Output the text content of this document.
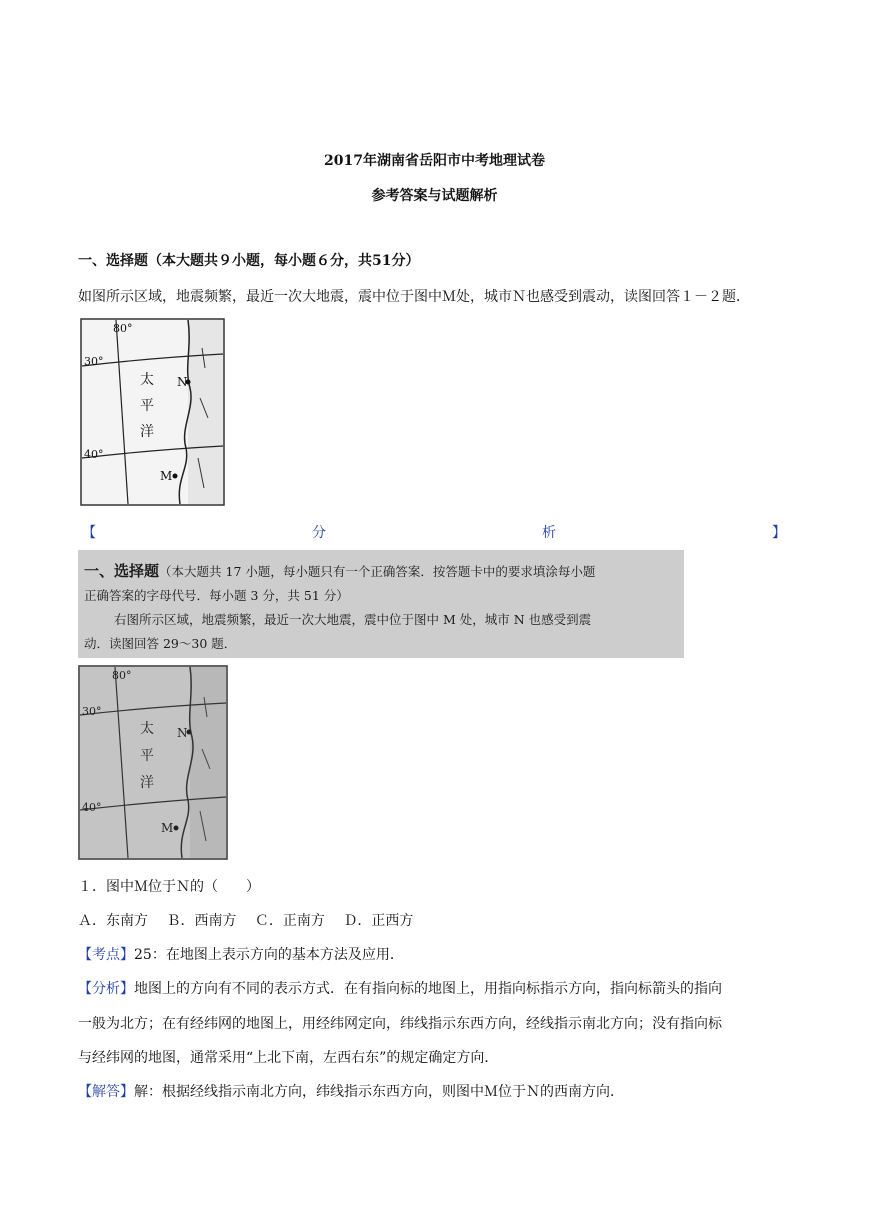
2017年湖南省岳阳市中考地理试卷
参考答案与试题解析
一、选择题（本大题共９小题，每小题６分，共51分）
如图所示区域，地震频繁，最近一次大地震，震中位于图中Ｍ处，城市Ｎ也感受到震动，读图回答１－２题．
80°
30°
40°
太
平
洋
N
M
【	分	析	】
一、选择题（本大题共 17 小题，每小题只有一个正确答案．按答题卡中的要求填涂每小题
正确答案的字母代号．每小题 3 分，共 51 分）
右图所示区域，地震频繁，最近一次大地震，震中位于图中 M 处，城市 N 也感受到震
动．读图回答 29～30 题．
80°
30°
40°
太
平
洋
N
M
１．图中Ｍ位于Ｎ的（　　）
Ａ．东南方　 Ｂ．西南方　 Ｃ．正南方　 Ｄ．正西方
【考点】25：在地图上表示方向的基本方法及应用．
【分析】地图上的方向有不同的表示方式．在有指向标的地图上，用指向标指示方向，指向标箭头的指向
一般为北方；在有经纬网的地图上，用经纬网定向，纬线指示东西方向，经线指示南北方向；没有指向标
与经纬网的地图，通常采用“上北下南，左西右东”的规定确定方向．
【解答】解：根据经线指示南北方向，纬线指示东西方向，则图中Ｍ位于Ｎ的西南方向．
